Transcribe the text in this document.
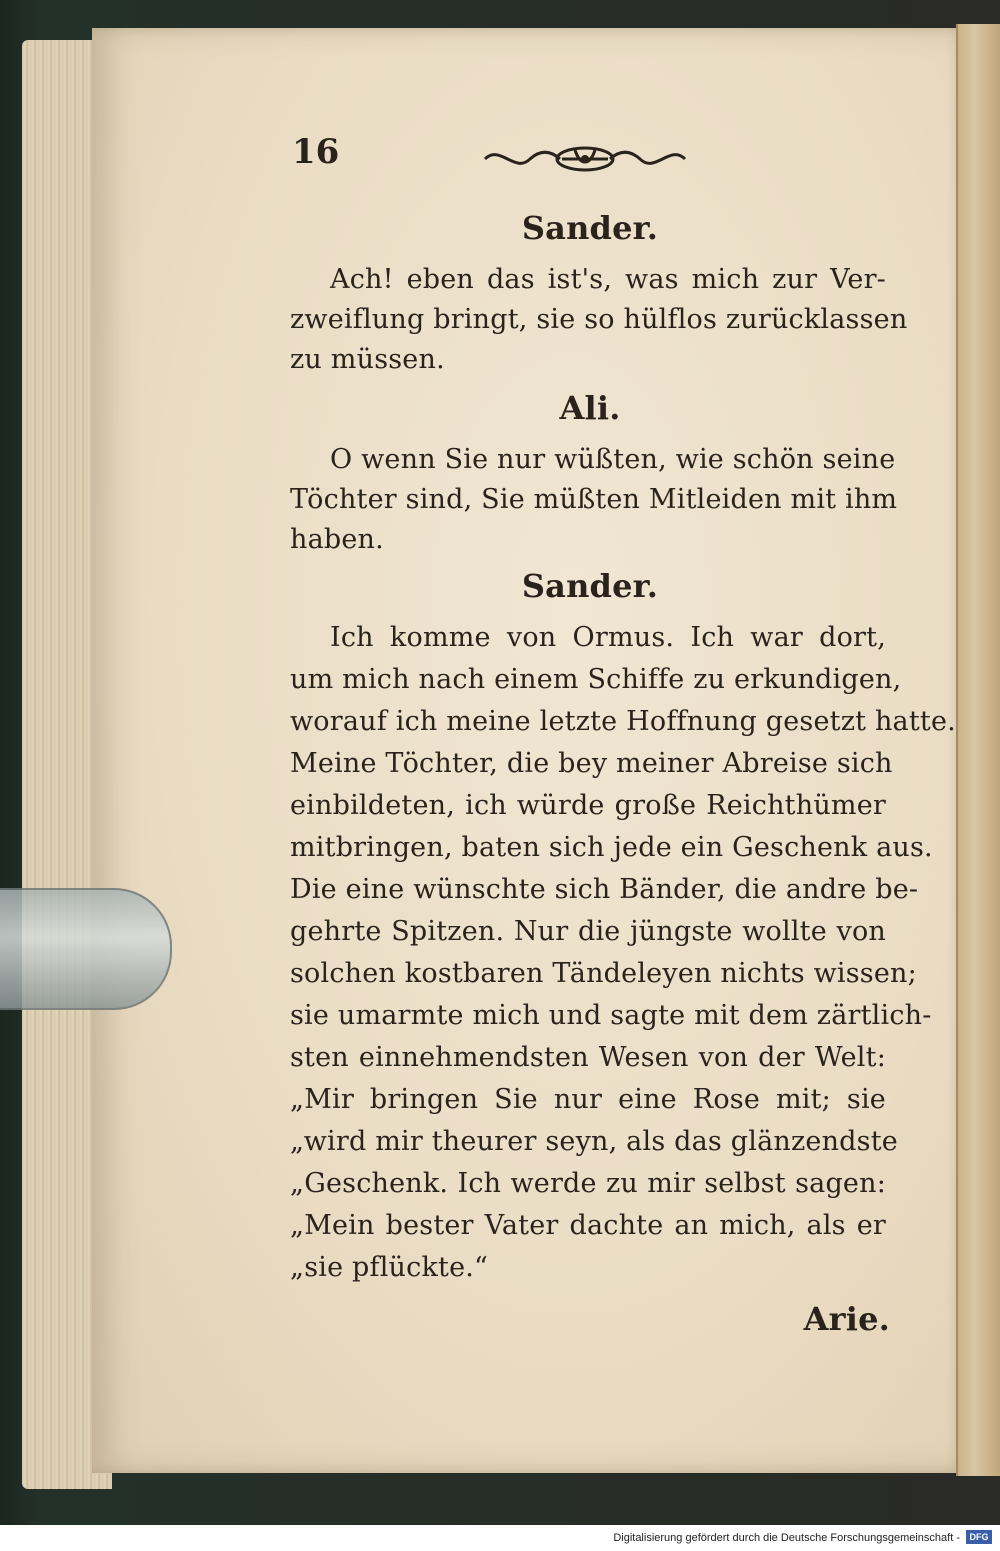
16
Sander.
Ach! eben das ist's, was mich zur Ver-
zweiflung bringt, sie so hülflos zurücklassen
zu müssen.
Ali.
O wenn Sie nur wüßten, wie schön seine
Töchter sind, Sie müßten Mitleiden mit ihm
haben.
Sander.
Ich komme von Ormus. Ich war dort,
um mich nach einem Schiffe zu erkundigen,
worauf ich meine letzte Hoffnung gesetzt hatte.
Meine Töchter, die bey meiner Abreise sich
einbildeten, ich würde große Reichthümer
mitbringen, baten sich jede ein Geschenk aus.
Die eine wünschte sich Bänder, die andre be-
gehrte Spitzen. Nur die jüngste wollte von
solchen kostbaren Tändeleyen nichts wissen;
sie umarmte mich und sagte mit dem zärtlich-
sten einnehmendsten Wesen von der Welt:
„Mir bringen Sie nur eine Rose mit; sie
„wird mir theurer seyn, als das glänzendste
„Geschenk. Ich werde zu mir selbst sagen:
„Mein bester Vater dachte an mich, als er
„sie pflückte.“
Arie.
Digitalisierung gefördert durch die Deutsche Forschungsgemeinschaft -	DFG
